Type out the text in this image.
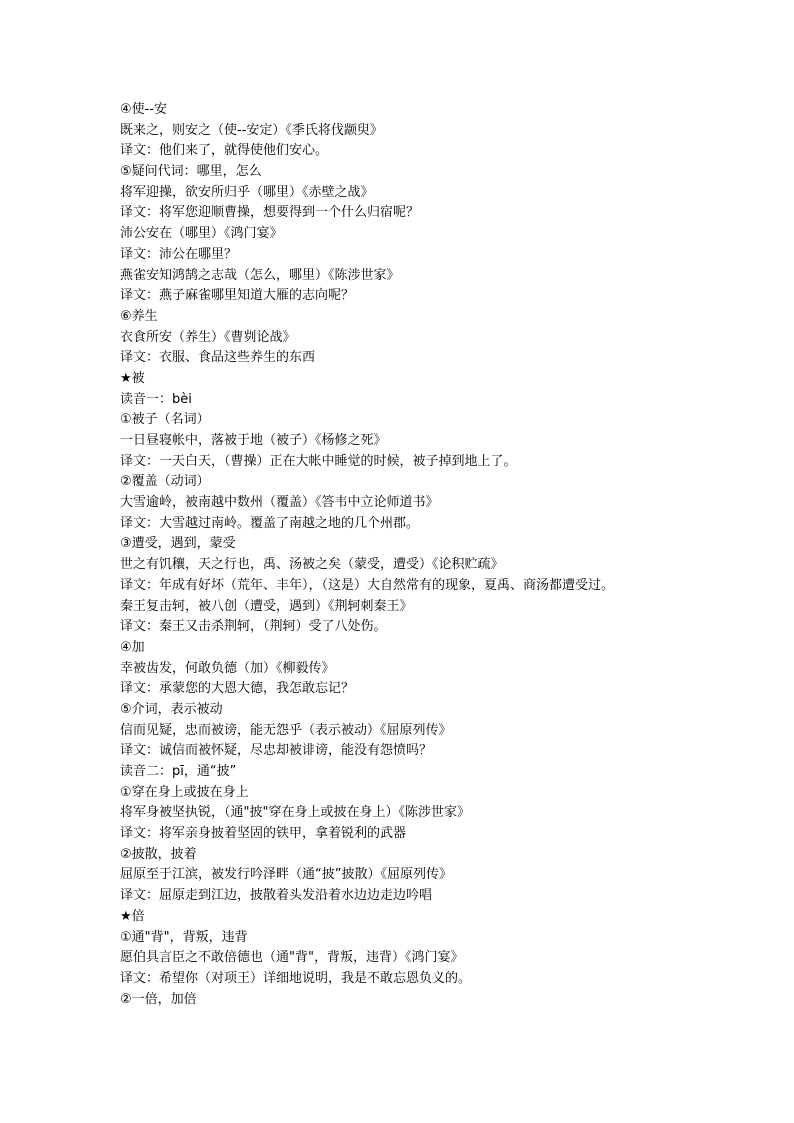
④使--安
既来之，则安之（使--安定）《季氏将伐颛臾》
译文：他们来了，就得使他们安心。
⑤疑问代词：哪里，怎么
将军迎操，欲安所归乎（哪里）《赤壁之战》
译文：将军您迎顺曹操，想要得到一个什么归宿呢？
沛公安在（哪里）《鸿门宴》
译文：沛公在哪里？
燕雀安知鸿鹄之志哉（怎么，哪里）《陈涉世家》
译文：燕子麻雀哪里知道大雁的志向呢？
⑥养生
衣食所安（养生）《曹刿论战》
译文：衣服、食品这些养生的东西
★被
读音一：bèi
①被子（名词）
一日昼寝帐中，落被于地（被子）《杨修之死》
译文：一天白天，（曹操）正在大帐中睡觉的时候，被子掉到地上了。
②覆盖（动词）
大雪逾岭，被南越中数州（覆盖）《答韦中立论师道书》
译文：大雪越过南岭。覆盖了南越之地的几个州郡。
③遭受，遇到，蒙受
世之有饥穰，天之行也，禹、汤被之矣（蒙受，遭受）《论积贮疏》
译文：年成有好坏（荒年、丰年），（这是）大自然常有的现象，夏禹、商汤都遭受过。
秦王复击轲，被八创（遭受，遇到）《荆轲刺秦王》
译文：秦王又击杀荆轲，（荆轲）受了八处伤。
④加
幸被齿发，何敢负德（加）《柳毅传》
译文：承蒙您的大恩大德，我怎敢忘记？
⑤介词，表示被动
信而见疑，忠而被谤，能无怨乎（表示被动）《屈原列传》
译文：诚信而被怀疑，尽忠却被诽谤，能没有怨愤吗？
读音二：pī，通“披”
①穿在身上或披在身上
将军身被坚执锐，（通"披"穿在身上或披在身上）《陈涉世家》
译文：将军亲身披着坚固的铁甲，拿着锐利的武器
②披散，披着
屈原至于江滨，被发行吟泽畔（通“披”披散）《屈原列传》
译文：屈原走到江边，披散着头发沿着水边边走边吟唱
★倍
①通"背"，背叛，违背
愿伯具言臣之不敢倍德也（通"背"，背叛，违背）《鸿门宴》
译文：希望你（对项王）详细地说明，我是不敢忘恩负义的。
②一倍，加倍
